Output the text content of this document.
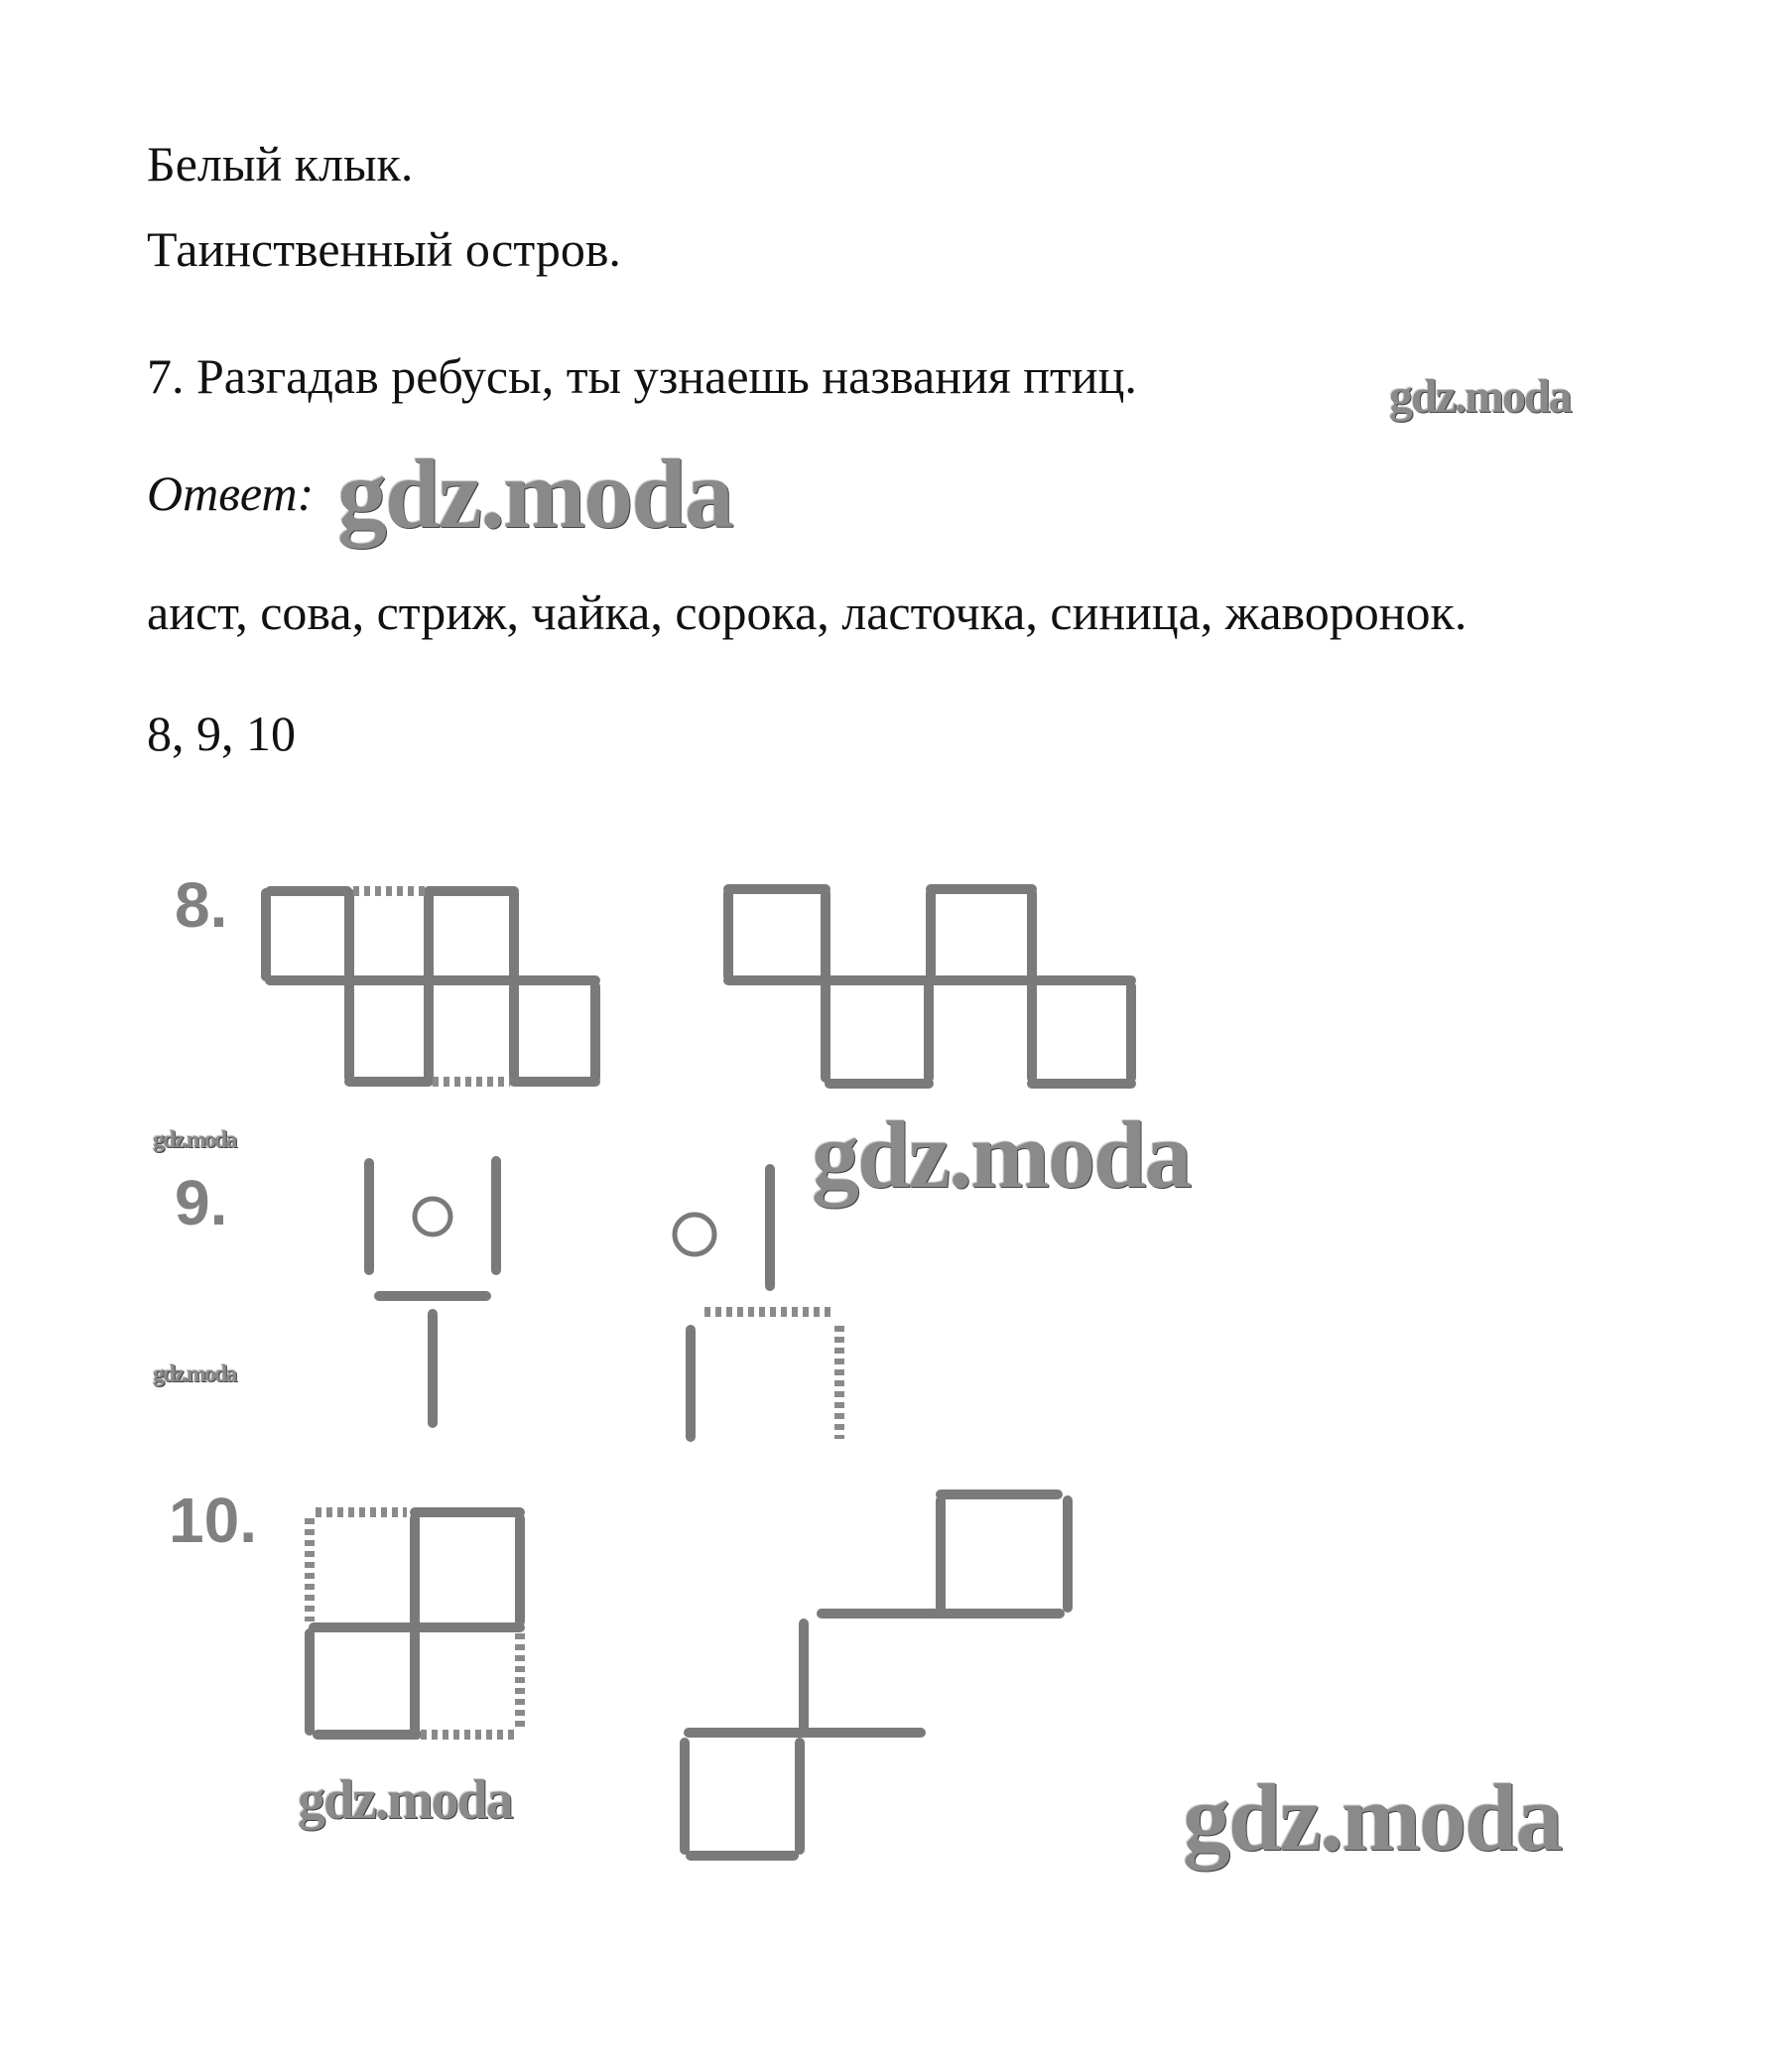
Белый клык.
Таинственный остров.
7. Разгадав ребусы, ты узнаешь названия птиц.	gdz.moda
Ответ: gdz.moda
аист, сова, стриж, чайка, сорока, ласточка, синица, жаворонок.
8, 9, 10
8.
9.
10.
gdz.moda
gdz.moda
gdz.moda
gdz.moda	gdz.moda
